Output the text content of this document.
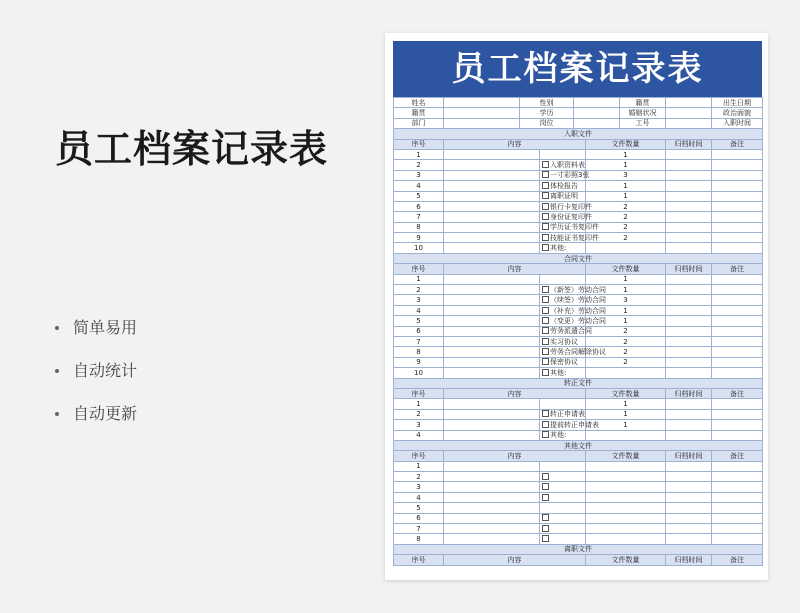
员工档案记录表
简单易用
自动统计
自动更新
员工档案记录表
姓名		性别				籍贯		出生日期
籍贯		学历				婚姻状况		政治面貌
部门		岗位				工号		入职时间
入职文件								
序号	内容				文件数量		归档时间	备注
1					1			
2			入职资料表		1			
3			一寸彩照3张		3			
4			体检报告		1			
5			离职证明		1			
6			银行卡复印件		2			
7			身份证复印件		2			
8			学历证书复印件		2			
9			技能证书复印件		2			
10			其他:					
合同文件								
序号	内容				文件数量		归档时间	备注
1					1			
2			（新签）劳动合同		1			
3			（续签）劳动合同		3			
4			（补充）劳动合同		1			
5			（变更）劳动合同		1			
6			劳务派遣合同		2			
7			实习协议		2			
8			劳务合同解除协议		2			
9			保密协议		2			
10			其他:					
转正文件								
序号	内容				文件数量		归档时间	备注
1					1			
2			转正申请表		1			
3			提前转正申请表		1			
4			其他:					
其他文件								
序号	内容				文件数量		归档时间	备注
1								
2								
3								
4								
5								
6								
7								
8								
离职文件								
序号	内容				文件数量		归档时间	备注
